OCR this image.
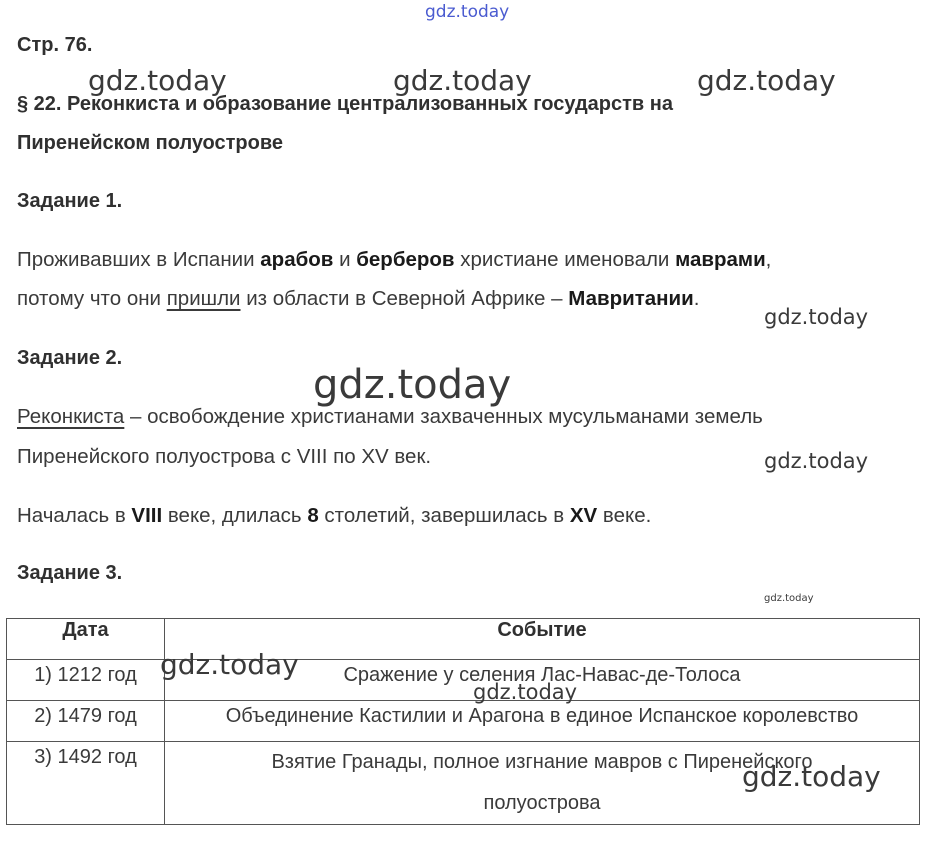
gdz.today
gdz.today	gdz.today	gdz.today
gdz.today
gdz.today
gdz.today
gdz.today
Стр. 76.
§ 22. Реконкиста и образование централизованных государств на
Пиренейском полуострове
Задание 1.
Проживавших в Испании арабов и берберов христиане именовали маврами,
потому что они пришли из области в Северной Африке – Мавритании.
Задание 2.
Реконкиста – освобождение христианами захваченных мусульманами земель
Пиренейского полуострова с VIII по XV век.
Началась в VIII веке, длилась 8 столетий, завершилась в XV веке.
Задание 3.
Дата	Событие
1) 1212 год	Сражение у селения Лас-Навас-де-Толоса
2) 1479 год	Объединение Кастилии и Арагона в единое Испанское королевство
3) 1492 год	Взятие Гранады, полное изгнание мавров с Пиренейского
полуострова
gdz.today
gdz.today
gdz.today
